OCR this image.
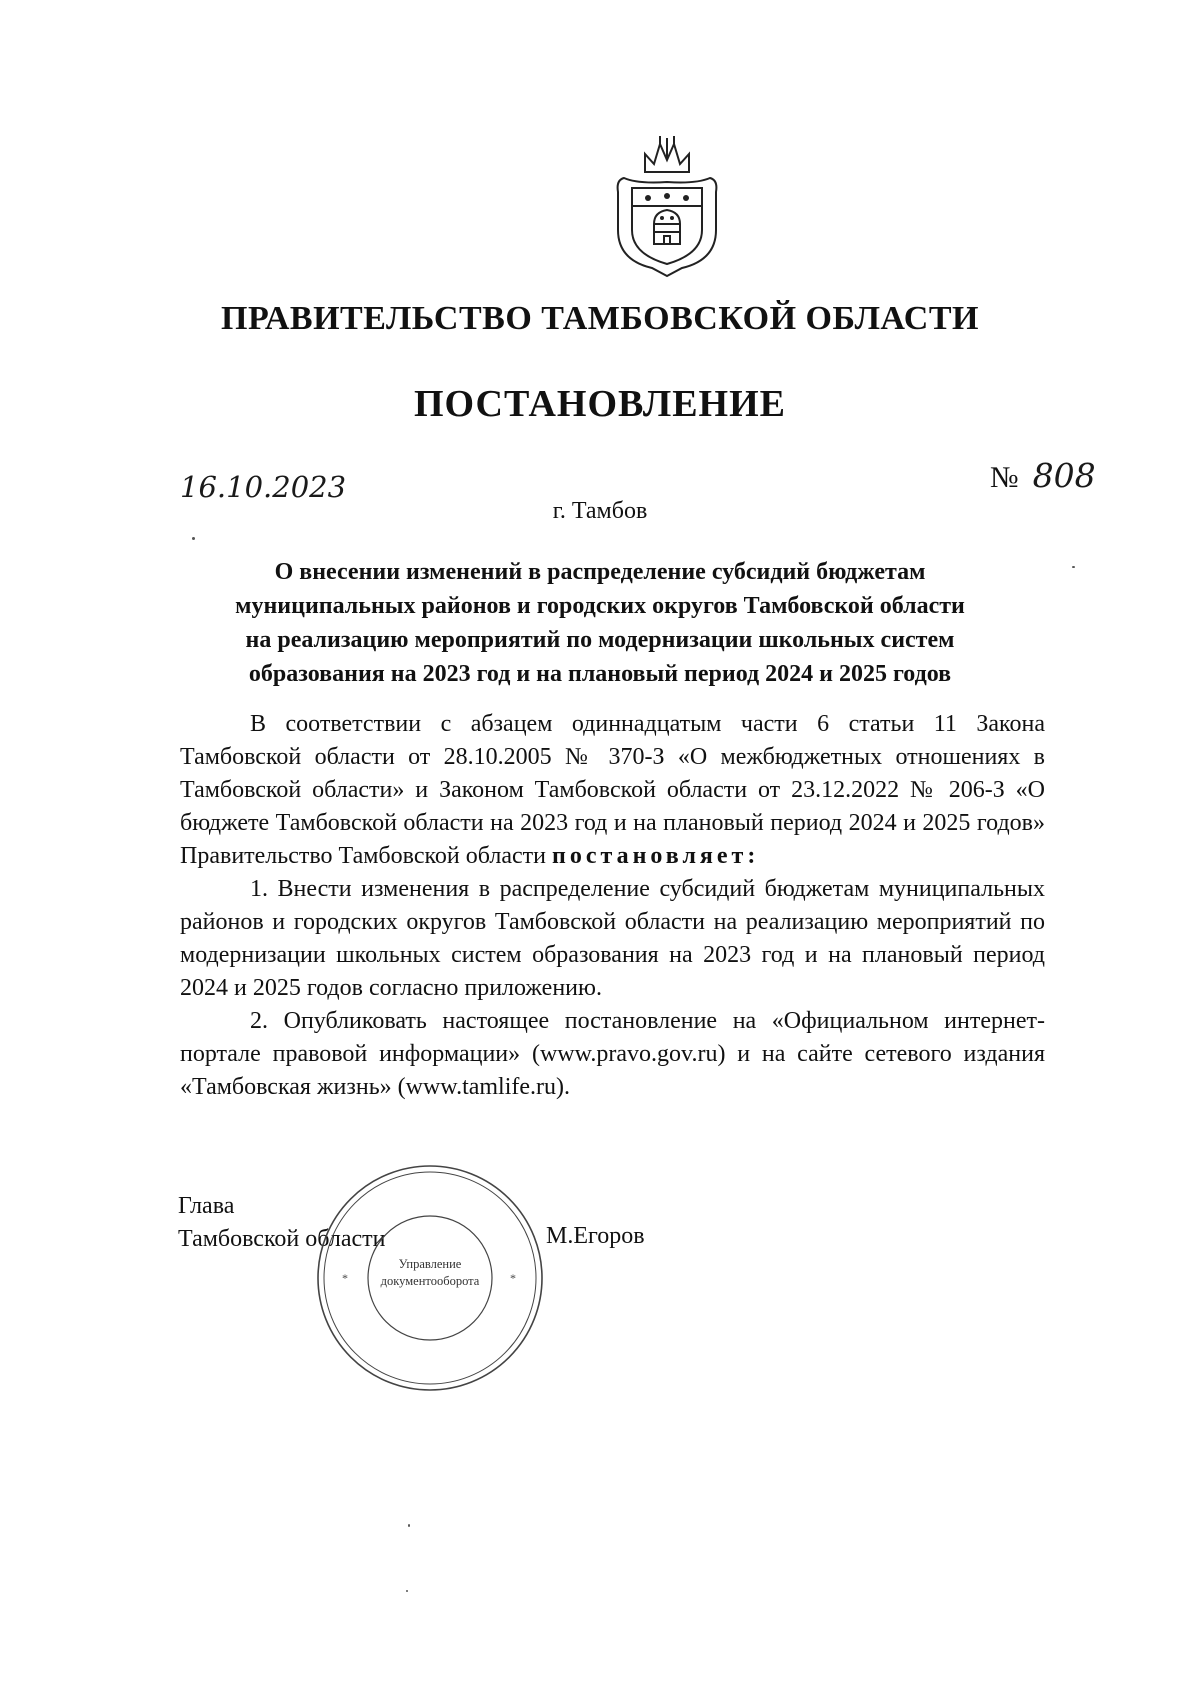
ПРАВИТЕЛЬСТВО ТАМБОВСКОЙ ОБЛАСТИ
ПОСТАНОВЛЕНИЕ
16.10.2023	№ 808
г. Тамбов
О внесении изменений в распределение субсидий бюджетам
муниципальных районов и городских округов Тамбовской области
на реализацию мероприятий по модернизации школьных систем
образования на 2023 год и на плановый период 2024 и 2025 годов

В соответствии с абзацем одиннадцатым части 6 статьи 11 Закона Тамбовской области от 28.10.2005 № 370-З «О межбюджетных отношениях в Тамбовской области» и Законом Тамбовской области от 23.12.2022 № 206-З «О бюджете Тамбовской области на 2023 год и на плановый период 2024 и 2025 годов» Правительство Тамбовской области постановляет:

1. Внести изменения в распределение субсидий бюджетам муниципальных районов и городских округов Тамбовской области на реализацию мероприятий по модернизации школьных систем образования на 2023 год и на плановый период 2024 и 2025 годов согласно приложению.

2. Опубликовать настоящее постановление на «Официальном интернет-портале правовой информации» (www.pravo.gov.ru) и на сайте сетевого издания «Тамбовская жизнь» (www.tamlife.ru).

Глава
Тамбовской области	М.Егоров
*	*
Управление
документооборота
